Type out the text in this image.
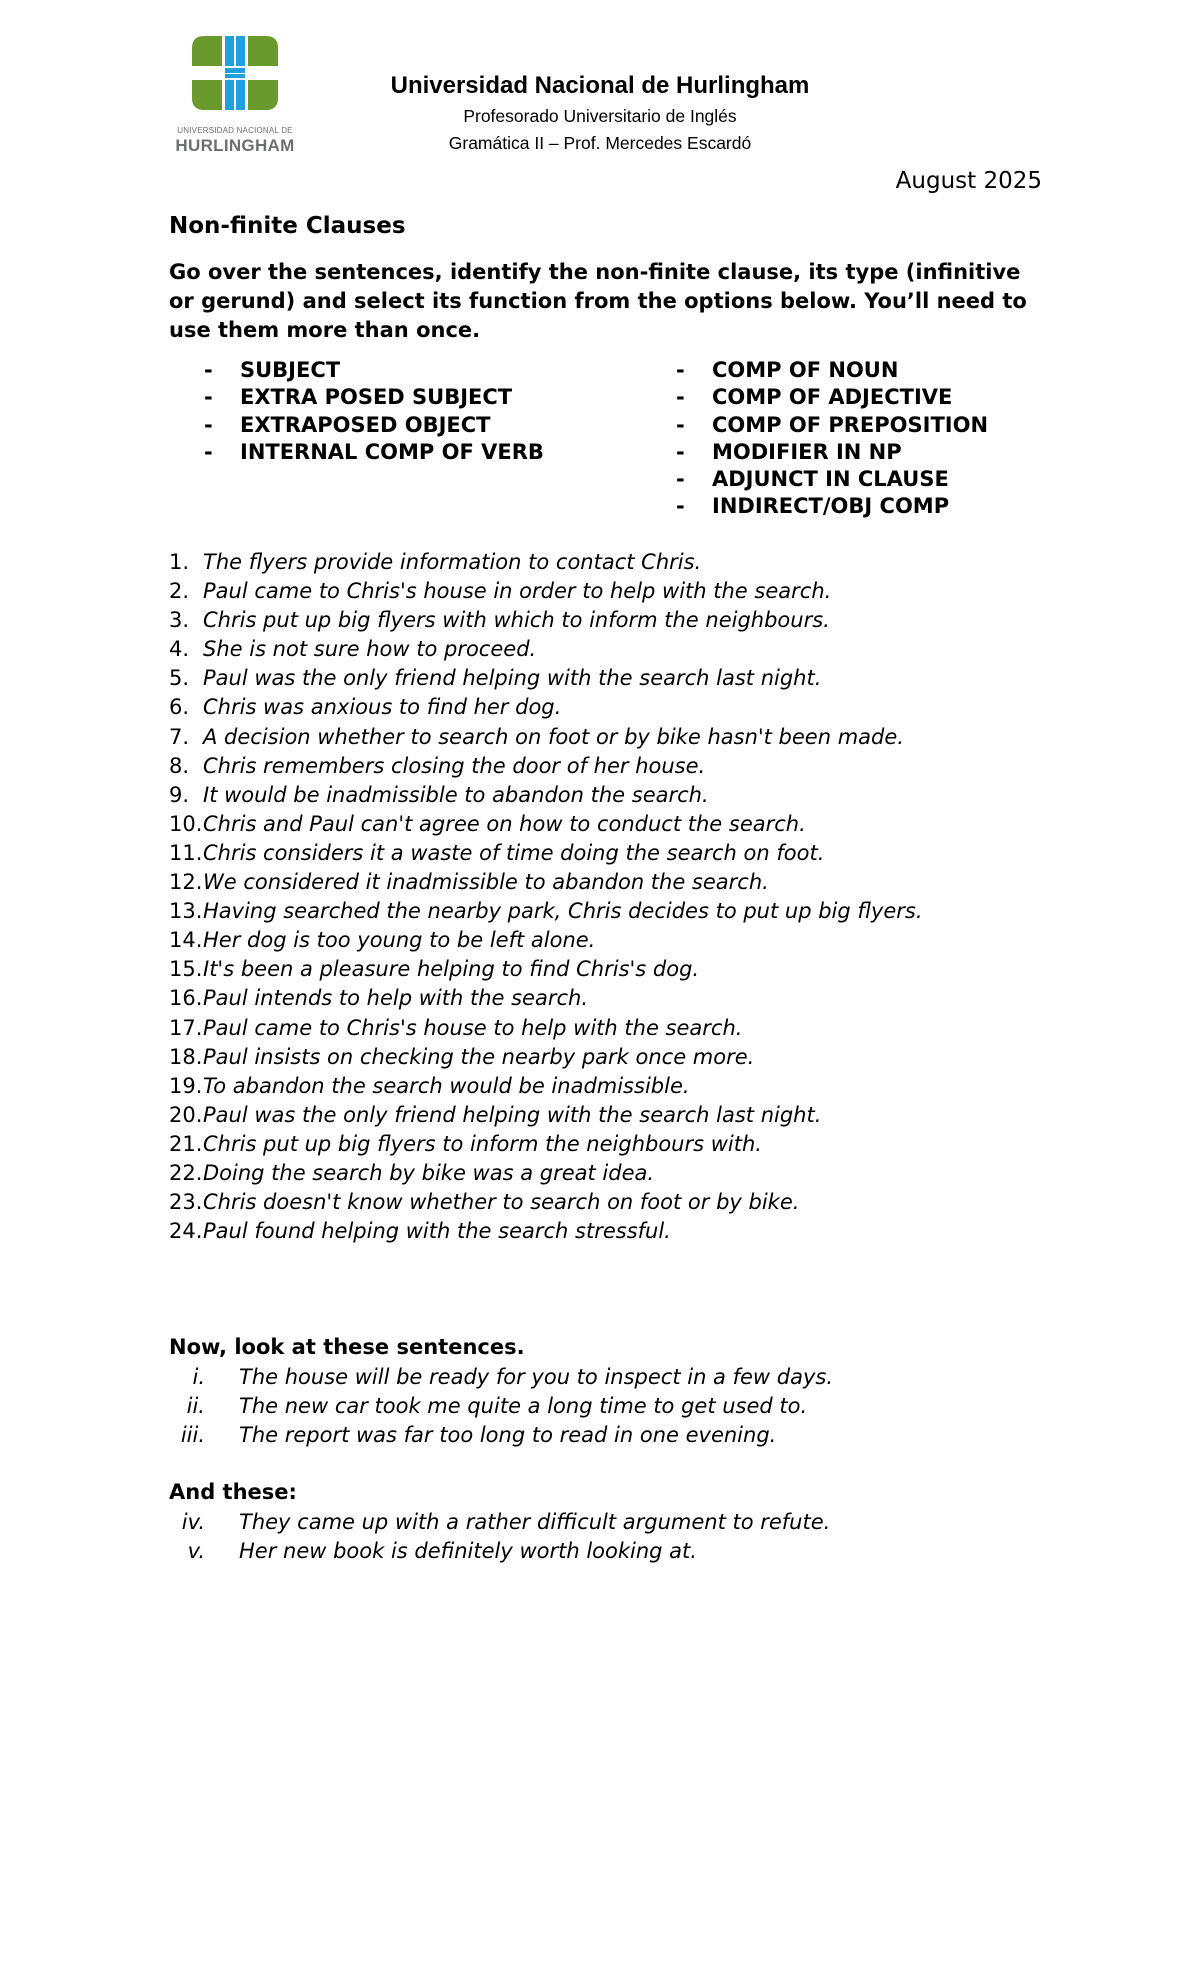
UNIVERSIDAD NACIONAL DE
HURLINGHAM
Universidad Nacional de Hurlingham
Profesorado Universitario de Inglés
Gramática II – Prof. Mercedes Escardó
August 2025
Non-finite Clauses
Go over the sentences, identify the non-finite clause, its type (infinitive or gerund) and select its function from the options below. You’ll need to use them more than once.
- SUBJECT
- EXTRA POSED SUBJECT
- EXTRAPOSED OBJECT
- INTERNAL COMP OF VERB
- COMP OF NOUN
- COMP OF ADJECTIVE
- COMP OF PREPOSITION
- MODIFIER IN NP
- ADJUNCT IN CLAUSE
- INDIRECT/OBJ COMP
1. The flyers provide information to contact Chris.
2. Paul came to Chris's house in order to help with the search.
3. Chris put up big flyers with which to inform the neighbours.
4. She is not sure how to proceed.
5. Paul was the only friend helping with the search last night.
6. Chris was anxious to find her dog.
7. A decision whether to search on foot or by bike hasn't been made.
8. Chris remembers closing the door of her house.
9. It would be inadmissible to abandon the search.
10.Chris and Paul can't agree on how to conduct the search.
11.Chris considers it a waste of time doing the search on foot.
12.We considered it inadmissible to abandon the search.
13.Having searched the nearby park, Chris decides to put up big flyers.
14.Her dog is too young to be left alone.
15.It's been a pleasure helping to find Chris's dog.
16.Paul intends to help with the search.
17.Paul came to Chris's house to help with the search.
18.Paul insists on checking the nearby park once more.
19.To abandon the search would be inadmissible.
20.Paul was the only friend helping with the search last night.
21.Chris put up big flyers to inform the neighbours with.
22.Doing the search by bike was a great idea.
23.Chris doesn't know whether to search on foot or by bike.
24.Paul found helping with the search stressful.
Now, look at these sentences.
i. The house will be ready for you to inspect in a few days.
ii. The new car took me quite a long time to get used to.
iii. The report was far too long to read in one evening.
And these:
iv. They came up with a rather difficult argument to refute.
v. Her new book is definitely worth looking at.
